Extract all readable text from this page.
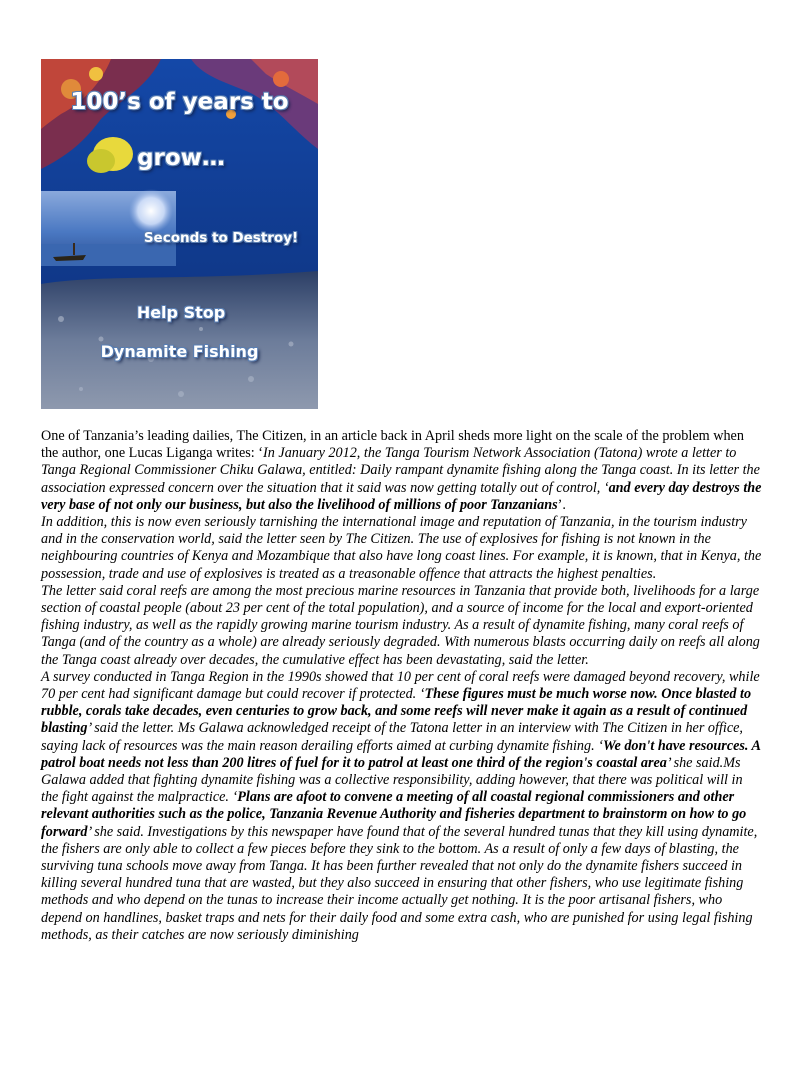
100’s of years to
grow…
Seconds to Destroy!
Help Stop
Dynamite Fishing

One of Tanzania’s leading dailies, The Citizen, in an article back in April sheds more light on the scale of the problem when the author, one Lucas Liganga writes: ‘In January 2012, the Tanga Tourism Network Association (Tatona) wrote a letter to Tanga Regional Commissioner Chiku Galawa, entitled: Daily rampant dynamite fishing along the Tanga coast. In its letter the association expressed concern over the situation that it said was now getting totally out of control, ‘and every day destroys the very base of not only our business, but also the livelihood of millions of poor Tanzanians’.

In addition, this is now even seriously tarnishing the international image and reputation of Tanzania, in the tourism industry and in the conservation world, said the letter seen by The Citizen. The use of explosives for fishing is not known in the neighbouring countries of Kenya and Mozambique that also have long coast lines. For example, it is known, that in Kenya, the possession, trade and use of explosives is treated as a treasonable offence that attracts the highest penalties.

The letter said coral reefs are among the most precious marine resources in Tanzania that provide both, livelihoods for a large section of coastal people (about 23 per cent of the total population), and a source of income for the local and export-oriented fishing industry, as well as the rapidly growing marine tourism industry. As a result of dynamite fishing, many coral reefs of Tanga (and of the country as a whole) are already seriously degraded. With numerous blasts occurring daily on reefs all along the Tanga coast already over decades, the cumulative effect has been devastating, said the letter.

A survey conducted in Tanga Region in the 1990s showed that 10 per cent of coral reefs were damaged beyond recovery, while 70 per cent had significant damage but could recover if protected. ‘These figures must be much worse now. Once blasted to rubble, corals take decades, even centuries to grow back, and some reefs will never make it again as a result of continued blasting’ said the letter. Ms Galawa acknowledged receipt of the Tatona letter in an interview with The Citizen in her office, saying lack of resources was the main reason derailing efforts aimed at curbing dynamite fishing. ‘We don't have resources. A patrol boat needs not less than 200 litres of fuel for it to patrol at least one third of the region's coastal area’ she said.Ms Galawa added that fighting dynamite fishing was a collective responsibility, adding however, that there was political will in the fight against the malpractice. ‘Plans are afoot to convene a meeting of all coastal regional commissioners and other relevant authorities such as the police, Tanzania Revenue Authority and fisheries department to brainstorm on how to go forward’ she said. Investigations by this newspaper have found that of the several hundred tunas that they kill using dynamite, the fishers are only able to collect a few pieces before they sink to the bottom. As a result of only a few days of blasting, the surviving tuna schools move away from Tanga. It has been further revealed that not only do the dynamite fishers succeed in killing several hundred tuna that are wasted, but they also succeed in ensuring that other fishers, who use legitimate fishing methods and who depend on the tunas to increase their income actually get nothing. It is the poor artisanal fishers, who depend on handlines, basket traps and nets for their daily food and some extra cash, who are punished for using legal fishing methods, as their catches are now seriously diminishing
